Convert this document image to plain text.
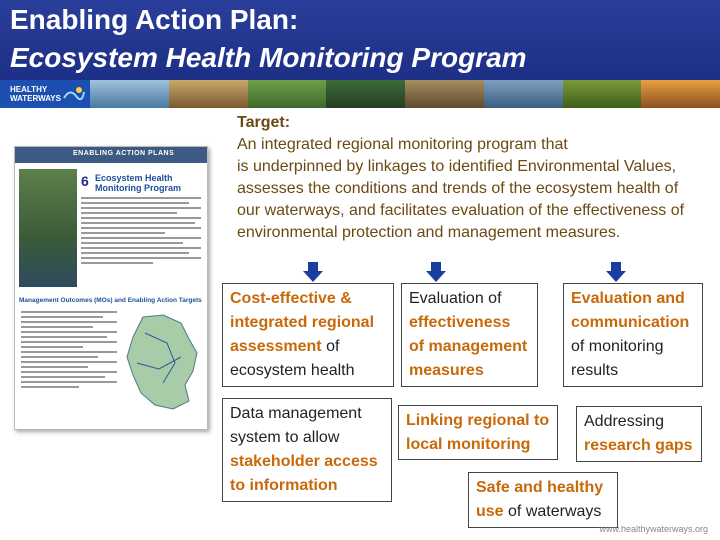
Enabling Action Plan:
Ecosystem Health Monitoring Program
HEALTHY
WATERWAYS
ENABLING ACTION PLANS
6 Ecosystem Health
Monitoring Program
Management Outcomes (MOs) and Enabling Action Targets
Target:
An integrated regional monitoring program that
is underpinned by linkages to identified Environmental Values,
assesses the conditions and trends of the ecosystem health of
our waterways, and facilitates evaluation of the effectiveness of
environmental protection and management measures.
Cost-effective &
integrated regional
assessment of
ecosystem health
Evaluation of
effectiveness
of management
measures
Evaluation and
communication
of monitoring
results
Data management
system to allow
stakeholder access
to information
Linking regional to
local monitoring
Addressing
research gaps
Safe and healthy
use of waterways
www.healthywaterways.org
